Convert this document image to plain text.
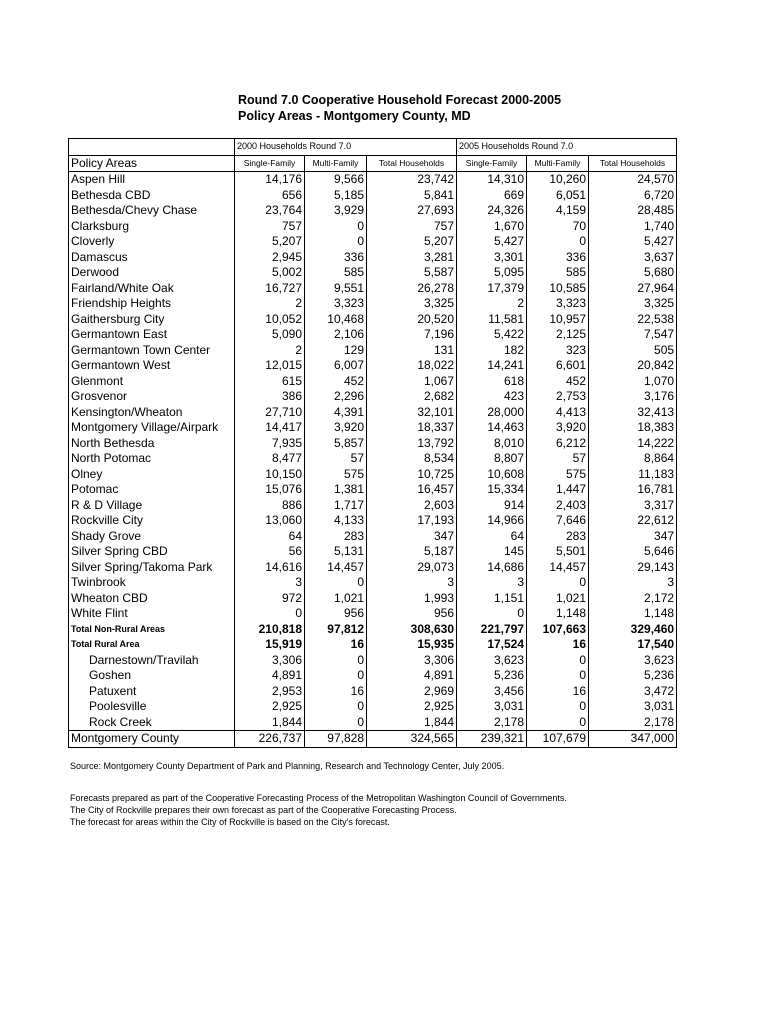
Round 7.0 Cooperative Household Forecast 2000-2005
Policy Areas - Montgomery County, MD
	2000 Households Round 7.0			2005 Households Round 7.0		
Policy Areas	Single-Family	Multi-Family	Total Households	Single-Family	Multi-Family	Total Households
Aspen Hill	14,176	9,566	23,742	14,310	10,260	24,570
Bethesda CBD	656	5,185	5,841	669	6,051	6,720
Bethesda/Chevy Chase	23,764	3,929	27,693	24,326	4,159	28,485
Clarksburg	757	0	757	1,670	70	1,740
Cloverly	5,207	0	5,207	5,427	0	5,427
Damascus	2,945	336	3,281	3,301	336	3,637
Derwood	5,002	585	5,587	5,095	585	5,680
Fairland/White Oak	16,727	9,551	26,278	17,379	10,585	27,964
Friendship Heights	2	3,323	3,325	2	3,323	3,325
Gaithersburg City	10,052	10,468	20,520	11,581	10,957	22,538
Germantown East	5,090	2,106	7,196	5,422	2,125	7,547
Germantown Town Center	2	129	131	182	323	505
Germantown West	12,015	6,007	18,022	14,241	6,601	20,842
Glenmont	615	452	1,067	618	452	1,070
Grosvenor	386	2,296	2,682	423	2,753	3,176
Kensington/Wheaton	27,710	4,391	32,101	28,000	4,413	32,413
Montgomery Village/Airpark	14,417	3,920	18,337	14,463	3,920	18,383
North Bethesda	7,935	5,857	13,792	8,010	6,212	14,222
North Potomac	8,477	57	8,534	8,807	57	8,864
Olney	10,150	575	10,725	10,608	575	11,183
Potomac	15,076	1,381	16,457	15,334	1,447	16,781
R & D Village	886	1,717	2,603	914	2,403	3,317
Rockville City	13,060	4,133	17,193	14,966	7,646	22,612
Shady Grove	64	283	347	64	283	347
Silver Spring CBD	56	5,131	5,187	145	5,501	5,646
Silver Spring/Takoma Park	14,616	14,457	29,073	14,686	14,457	29,143
Twinbrook	3	0	3	3	0	3
Wheaton CBD	972	1,021	1,993	1,151	1,021	2,172
White Flint	0	956	956	0	1,148	1,148
Total Non-Rural Areas	210,818	97,812	308,630	221,797	107,663	329,460
Total Rural Area	15,919	16	15,935	17,524	16	17,540
Darnestown/Travilah	3,306	0	3,306	3,623	0	3,623
Goshen	4,891	0	4,891	5,236	0	5,236
Patuxent	2,953	16	2,969	3,456	16	3,472
Poolesville	2,925	0	2,925	3,031	0	3,031
Rock Creek	1,844	0	1,844	2,178	0	2,178
Montgomery County	226,737	97,828	324,565	239,321	107,679	347,000
Source: Montgomery County Department of Park and Planning, Research and Technology Center, July 2005.
Forecasts prepared as part of the Cooperative Forecasting Process of the Metropolitan Washington Council of Governments.
The City of Rockville prepares their own forecast as part of the Cooperative Forecasting Process.
The forecast for areas within the City of Rockville is based on the City's forecast.
